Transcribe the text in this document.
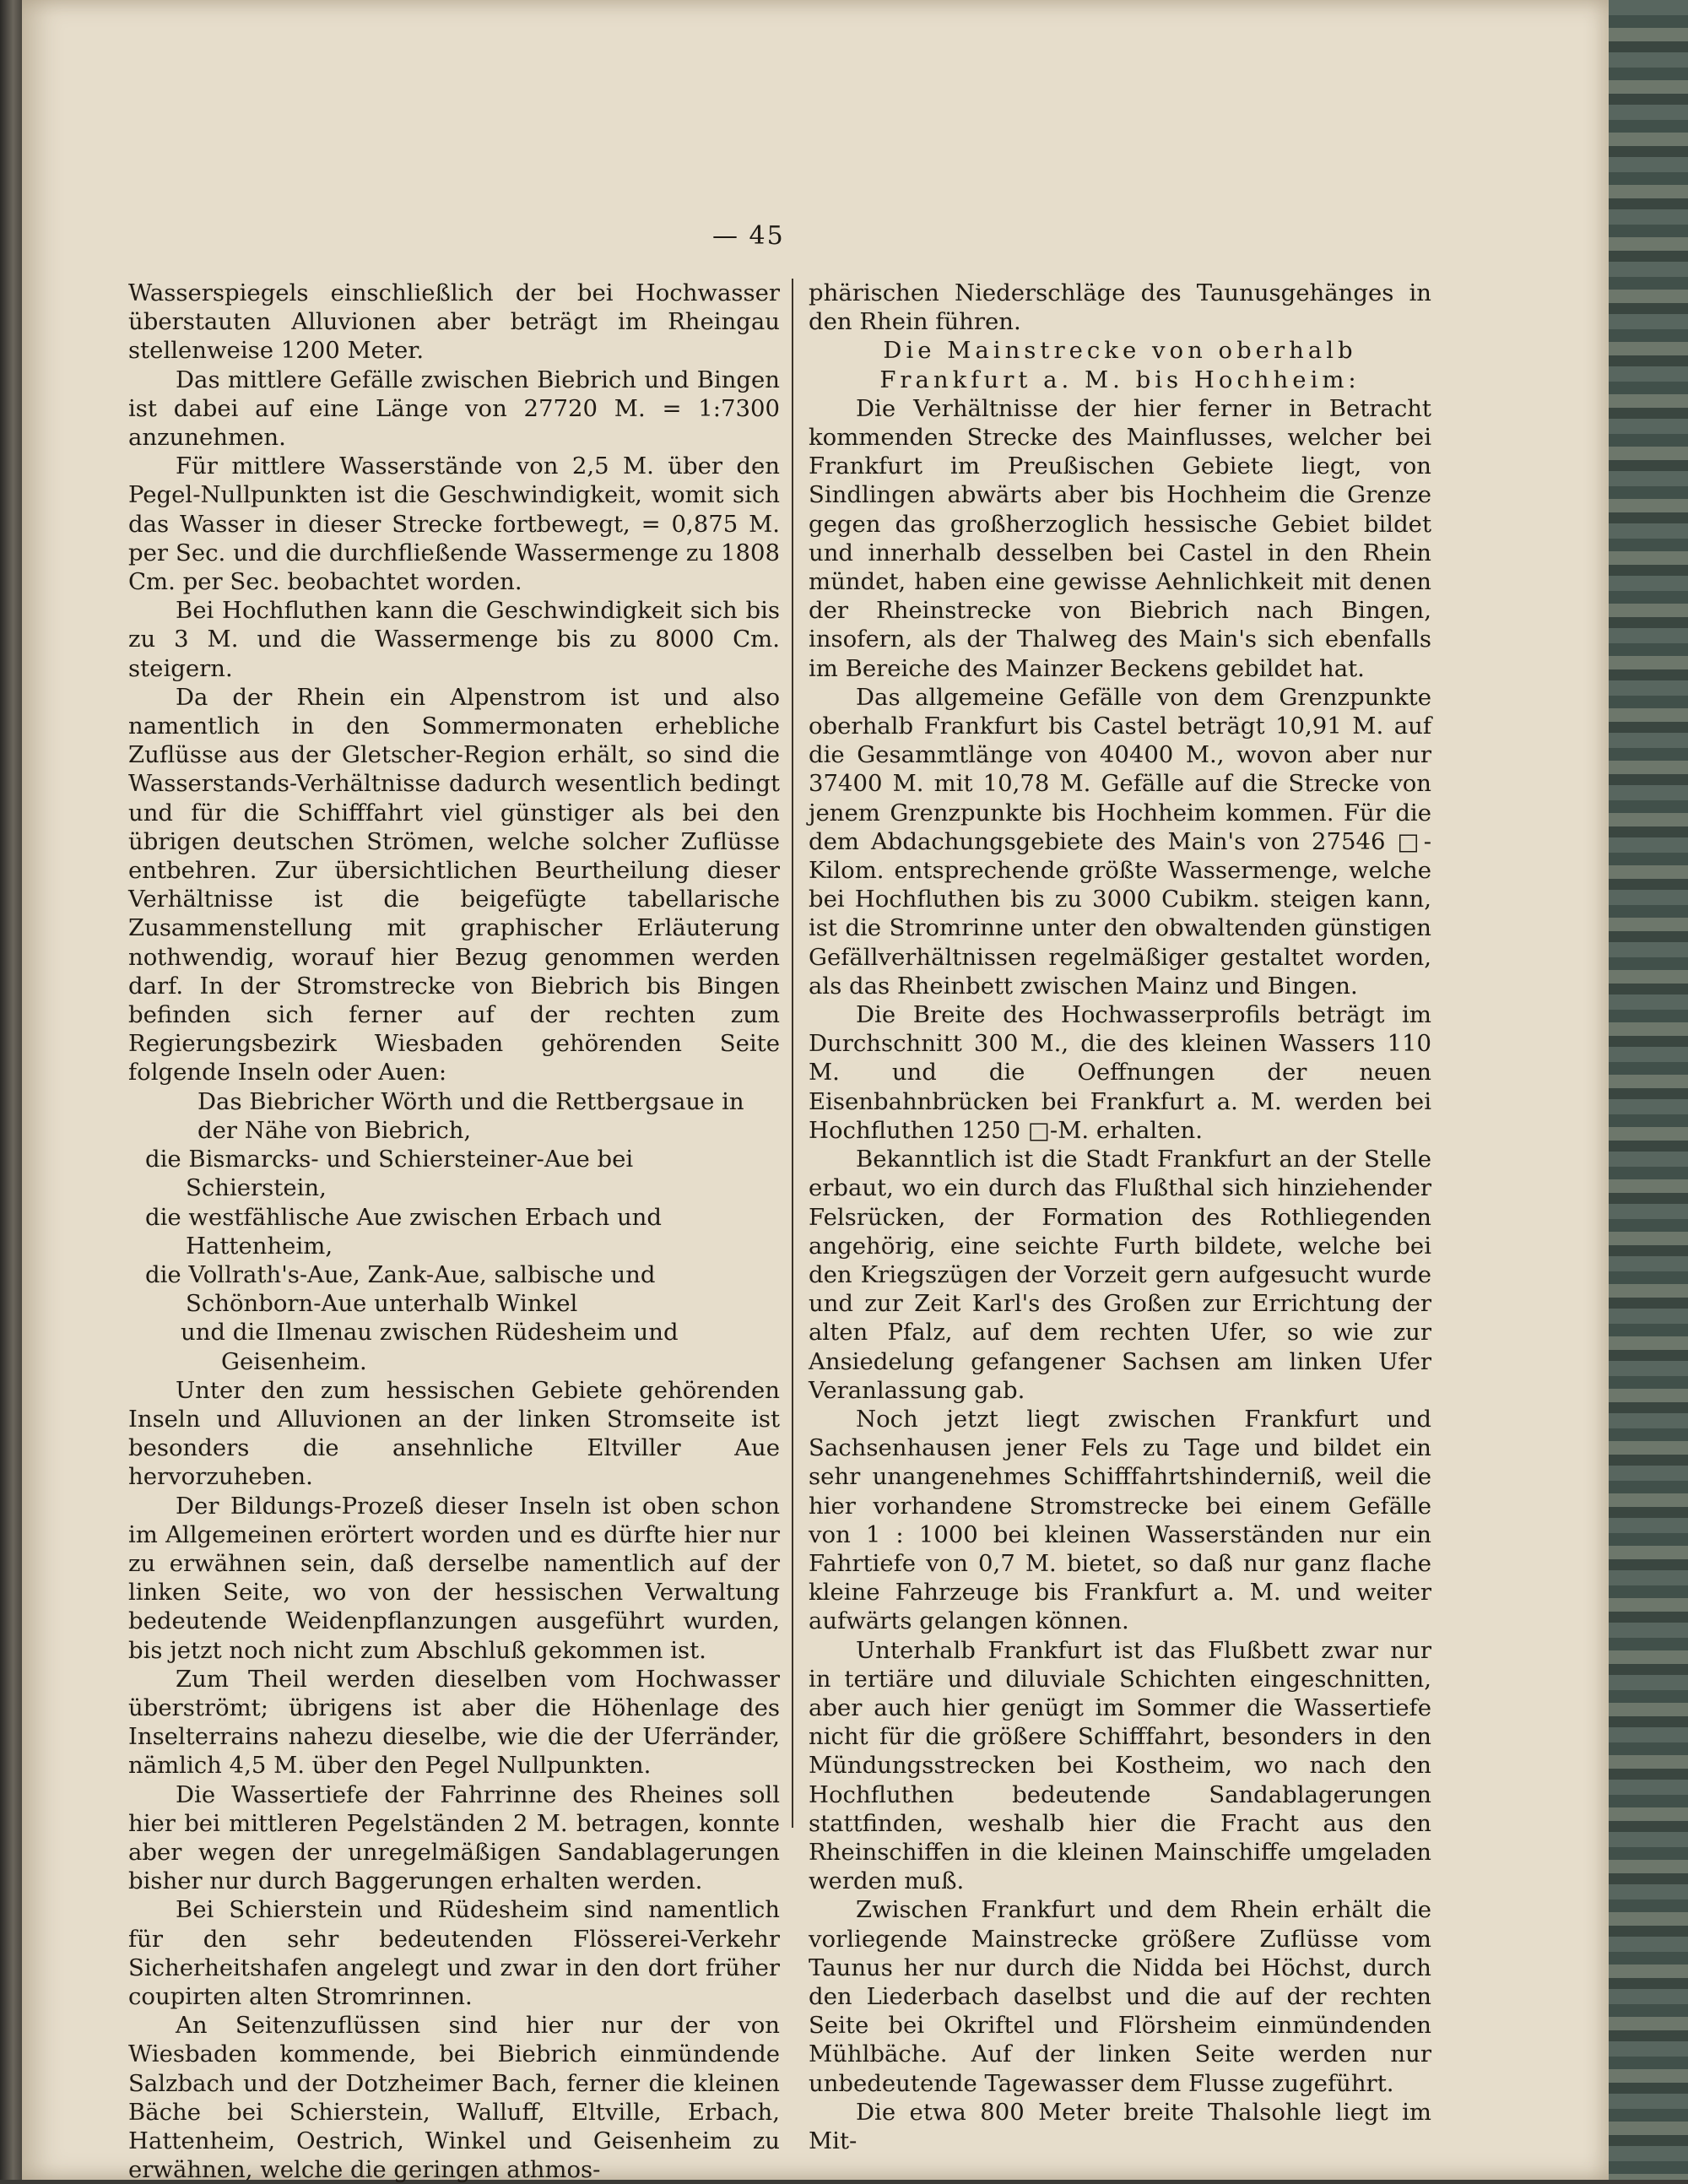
— 45

Wasserspiegels einschließlich der bei Hochwasser überstauten Alluvionen aber beträgt im Rheingau stellenweise 1200 Meter.

Das mittlere Gefälle zwischen Biebrich und Bingen ist dabei auf eine Länge von 27720 M. = 1:7300 anzunehmen.

Für mittlere Wasserstände von 2,5 M. über den Pegel-Nullpunkten ist die Geschwindigkeit, womit sich das Wasser in dieser Strecke fortbewegt, = 0,875 M. per Sec. und die durchfließende Wassermenge zu 1808 Cm. per Sec. beobachtet worden.

Bei Hochfluthen kann die Geschwindigkeit sich bis zu 3 M. und die Wassermenge bis zu 8000 Cm. steigern.

Da der Rhein ein Alpenstrom ist und also namentlich in den Sommermonaten erhebliche Zuflüsse aus der Gletscher-Region erhält, so sind die Wasserstands-Verhältnisse dadurch wesentlich bedingt und für die Schifffahrt viel günstiger als bei den übrigen deutschen Strömen, welche solcher Zuflüsse entbehren. Zur übersichtlichen Beurtheilung dieser Verhältnisse ist die beigefügte tabellarische Zusammenstellung mit graphischer Erläuterung nothwendig, worauf hier Bezug genommen werden darf. In der Stromstrecke von Biebrich bis Bingen befinden sich ferner auf der rechten zum Regierungsbezirk Wiesbaden gehörenden Seite folgende Inseln oder Auen:

Das Biebricher Wörth und die Rettbergsaue in der Nähe von Biebrich,

die Bismarcks- und Schiersteiner-Aue bei Schierstein,

die westfählische Aue zwischen Erbach und Hattenheim,

die Vollrath's-Aue, Zank-Aue, salbische und Schönborn-Aue unterhalb Winkel

und die Ilmenau zwischen Rüdesheim und Geisenheim.

Unter den zum hessischen Gebiete gehörenden Inseln und Alluvionen an der linken Stromseite ist besonders die ansehnliche Eltviller Aue hervorzuheben.

Der Bildungs-Prozeß dieser Inseln ist oben schon im Allgemeinen erörtert worden und es dürfte hier nur zu erwähnen sein, daß derselbe namentlich auf der linken Seite, wo von der hessischen Verwaltung bedeutende Weidenpflanzungen ausgeführt wurden, bis jetzt noch nicht zum Abschluß gekommen ist.

Zum Theil werden dieselben vom Hochwasser überströmt; übrigens ist aber die Höhenlage des Inselterrains nahezu dieselbe, wie die der Uferränder, nämlich 4,5 M. über den Pegel Nullpunkten.

Die Wassertiefe der Fahrrinne des Rheines soll hier bei mittleren Pegelständen 2 M. betragen, konnte aber wegen der unregelmäßigen Sandablagerungen bisher nur durch Baggerungen erhalten werden.

Bei Schierstein und Rüdesheim sind namentlich für den sehr bedeutenden Flösserei-Verkehr Sicherheitshafen angelegt und zwar in den dort früher coupirten alten Stromrinnen.

An Seitenzuflüssen sind hier nur der von Wiesbaden kommende, bei Biebrich einmündende Salzbach und der Dotzheimer Bach, ferner die kleinen Bäche bei Schierstein, Walluff, Eltville, Erbach, Hattenheim, Oestrich, Winkel und Geisenheim zu erwähnen, welche die geringen athmos-

phärischen Niederschläge des Taunusgehänges in den Rhein führen.

Die Mainstrecke von oberhalb Frankfurt a. M. bis Hochheim:

Die Verhältnisse der hier ferner in Betracht kommenden Strecke des Mainflusses, welcher bei Frankfurt im Preußischen Gebiete liegt, von Sindlingen abwärts aber bis Hochheim die Grenze gegen das großherzoglich hessische Gebiet bildet und innerhalb desselben bei Castel in den Rhein mündet, haben eine gewisse Aehnlichkeit mit denen der Rheinstrecke von Biebrich nach Bingen, insofern, als der Thalweg des Main's sich ebenfalls im Bereiche des Mainzer Beckens gebildet hat.

Das allgemeine Gefälle von dem Grenzpunkte oberhalb Frankfurt bis Castel beträgt 10,91 M. auf die Gesammtlänge von 40400 M., wovon aber nur 37400 M. mit 10,78 M. Gefälle auf die Strecke von jenem Grenzpunkte bis Hochheim kommen. Für die dem Abdachungsgebiete des Main's von 27546 □-Kilom. entsprechende größte Wassermenge, welche bei Hochfluthen bis zu 3000 Cubikm. steigen kann, ist die Stromrinne unter den obwaltenden günstigen Gefällverhältnissen regelmäßiger gestaltet worden, als das Rheinbett zwischen Mainz und Bingen.

Die Breite des Hochwasserprofils beträgt im Durchschnitt 300 M., die des kleinen Wassers 110 M. und die Oeffnungen der neuen Eisenbahnbrücken bei Frankfurt a. M. werden bei Hochfluthen 1250 □-M. erhalten.

Bekanntlich ist die Stadt Frankfurt an der Stelle erbaut, wo ein durch das Flußthal sich hinziehender Felsrücken, der Formation des Rothliegenden angehörig, eine seichte Furth bildete, welche bei den Kriegszügen der Vorzeit gern aufgesucht wurde und zur Zeit Karl's des Großen zur Errichtung der alten Pfalz, auf dem rechten Ufer, so wie zur Ansiedelung gefangener Sachsen am linken Ufer Veranlassung gab.

Noch jetzt liegt zwischen Frankfurt und Sachsenhausen jener Fels zu Tage und bildet ein sehr unangenehmes Schifffahrtshinderniß, weil die hier vorhandene Stromstrecke bei einem Gefälle von 1 : 1000 bei kleinen Wasserständen nur ein Fahrtiefe von 0,7 M. bietet, so daß nur ganz flache kleine Fahrzeuge bis Frankfurt a. M. und weiter aufwärts gelangen können.

Unterhalb Frankfurt ist das Flußbett zwar nur in tertiäre und diluviale Schichten eingeschnitten, aber auch hier genügt im Sommer die Wassertiefe nicht für die größere Schifffahrt, besonders in den Mündungsstrecken bei Kostheim, wo nach den Hochfluthen bedeutende Sandablagerungen stattfinden, weshalb hier die Fracht aus den Rheinschiffen in die kleinen Mainschiffe umgeladen werden muß.

Zwischen Frankfurt und dem Rhein erhält die vorliegende Mainstrecke größere Zuflüsse vom Taunus her nur durch die Nidda bei Höchst, durch den Liederbach daselbst und die auf der rechten Seite bei Okriftel und Flörsheim einmündenden Mühlbäche. Auf der linken Seite werden nur unbedeutende Tagewasser dem Flusse zugeführt.

Die etwa 800 Meter breite Thalsohle liegt im Mit-
